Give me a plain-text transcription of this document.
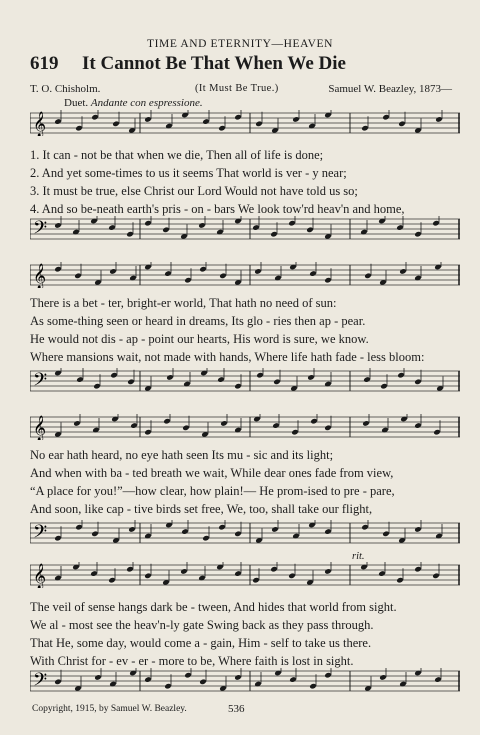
TIME AND ETERNITY—HEAVEN
619 It Cannot Be That When We Die
T. O. Chisholm.	(It Must Be True.)	Samuel W. Beazley, 1873—
Duet. Andante con espressione.
𝄞
1. It can - not be that when we die, Then all of life is done;
2. And yet some-times to us it seems That world is ver - y near;
3. It must be true, else Christ our Lord Would not have told us so;
4. And so be-neath earth's pris - on - bars We look tow'rd heav'n and home,
𝄢
𝄞
There is a bet - ter, bright-er world, That hath no need of sun:
As some-thing seen or heard in dreams, Its glo - ries then ap - pear.
He would not dis - ap - point our hearts, His word is sure, we know.
Where mansions wait, not made with hands, Where life hath fade - less bloom:
𝄢
𝄞
No ear hath heard, no eye hath seen Its mu - sic and its light;
And when with ba - ted breath we wait, While dear ones fade from view,
“A place for you!”—how clear, how plain!— He prom-ised to pre - pare,
And soon, like cap - tive birds set free, We, too, shall take our flight,
𝄢
rit.
𝄞
The veil of sense hangs dark be - tween, And hides that world from sight.
We al - most see the heav'n-ly gate Swing back as they pass through.
That He, some day, would come a - gain, Him - self to take us there.
With Christ for - ev - er - more to be, Where faith is lost in sight.
𝄢
Copyright, 1915, by Samuel W. Beazley.	536
